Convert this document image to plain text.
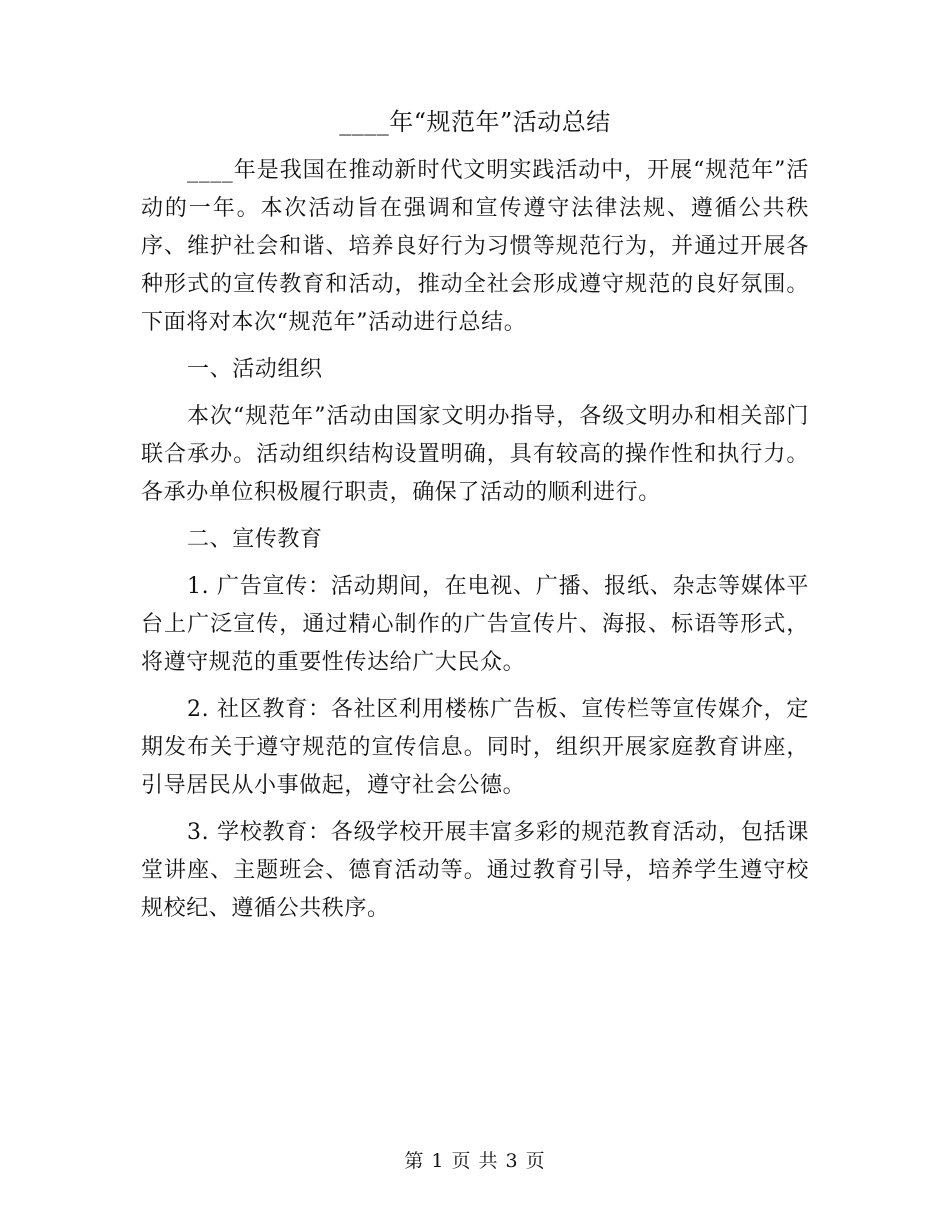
____年“规范年”活动总结

____年是我国在推动新时代文明实践活动中，开展“规范年”活动的一年。本次活动旨在强调和宣传遵守法律法规、遵循公共秩序、维护社会和谐、培养良好行为习惯等规范行为，并通过开展各种形式的宣传教育和活动，推动全社会形成遵守规范的良好氛围。下面将对本次“规范年”活动进行总结。

一、活动组织

本次“规范年”活动由国家文明办指导，各级文明办和相关部门联合承办。活动组织结构设置明确，具有较高的操作性和执行力。各承办单位积极履行职责，确保了活动的顺利进行。

二、宣传教育

1. 广告宣传：活动期间，在电视、广播、报纸、杂志等媒体平台上广泛宣传，通过精心制作的广告宣传片、海报、标语等形式，将遵守规范的重要性传达给广大民众。

2. 社区教育：各社区利用楼栋广告板、宣传栏等宣传媒介，定期发布关于遵守规范的宣传信息。同时，组织开展家庭教育讲座，引导居民从小事做起，遵守社会公德。

3. 学校教育：各级学校开展丰富多彩的规范教育活动，包括课堂讲座、主题班会、德育活动等。通过教育引导，培养学生遵守校规校纪、遵循公共秩序。

第 1 页 共 3 页
